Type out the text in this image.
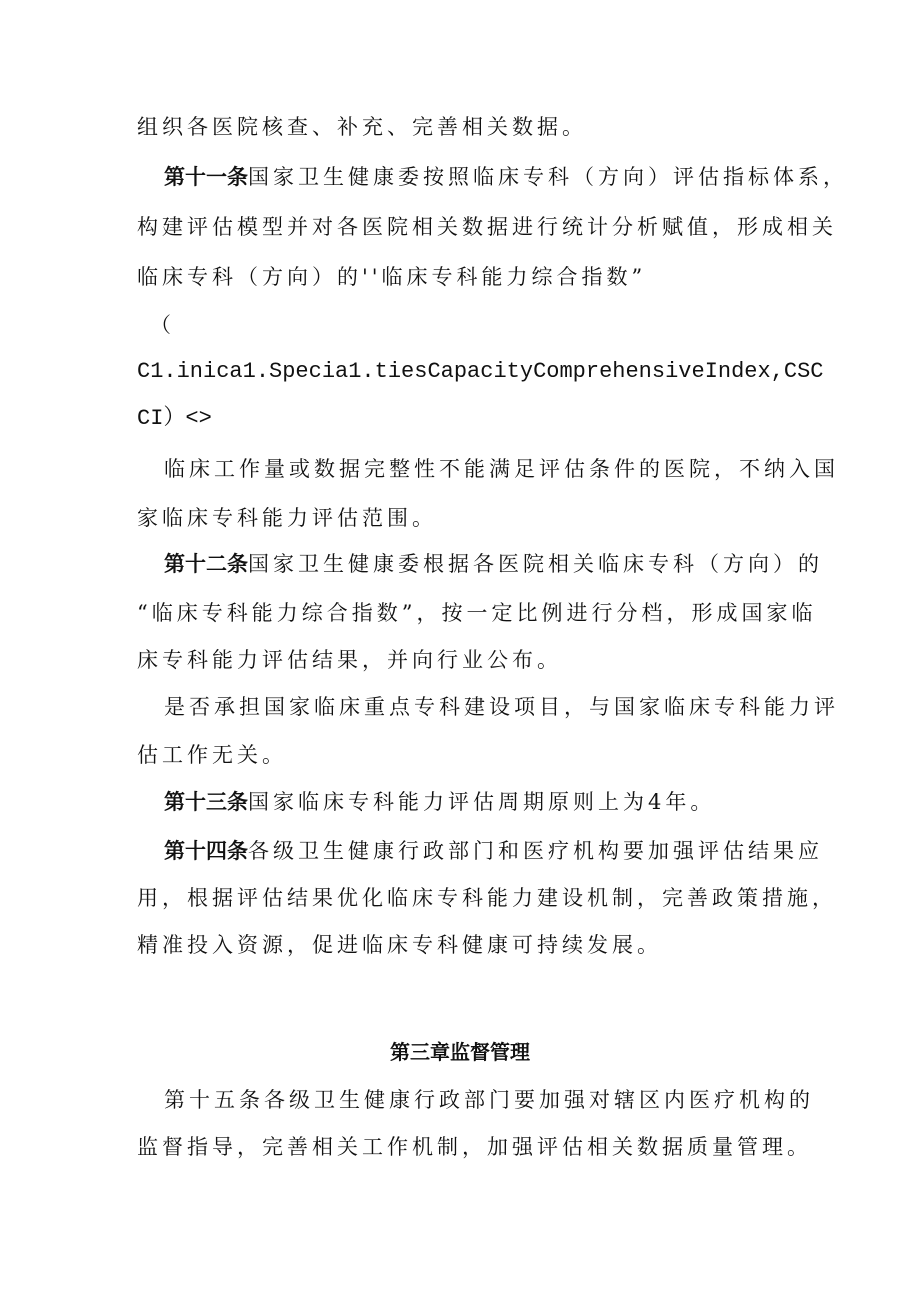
组织各医院核查、补充、完善相关数据。
第十一条国家卫生健康委按照临床专科（方向）评估指标体系，
构建评估模型并对各医院相关数据进行统计分析赋值，形成相关
临床专科（方向）的''临床专科能力综合指数”
（
C1.inica1.Specia1.tiesCapacityComprehensiveIndex,CSC
CI）<>
临床工作量或数据完整性不能满足评估条件的医院，不纳入国
家临床专科能力评估范围。
第十二条国家卫生健康委根据各医院相关临床专科（方向）的
“临床专科能力综合指数”，按一定比例进行分档，形成国家临
床专科能力评估结果，并向行业公布。
是否承担国家临床重点专科建设项目，与国家临床专科能力评
估工作无关。
第十三条国家临床专科能力评估周期原则上为4年。
第十四条各级卫生健康行政部门和医疗机构要加强评估结果应
用，根据评估结果优化临床专科能力建设机制，完善政策措施，
精准投入资源，促进临床专科健康可持续发展。
第三章监督管理
第十五条各级卫生健康行政部门要加强对辖区内医疗机构的
监督指导，完善相关工作机制，加强评估相关数据质量管理。
